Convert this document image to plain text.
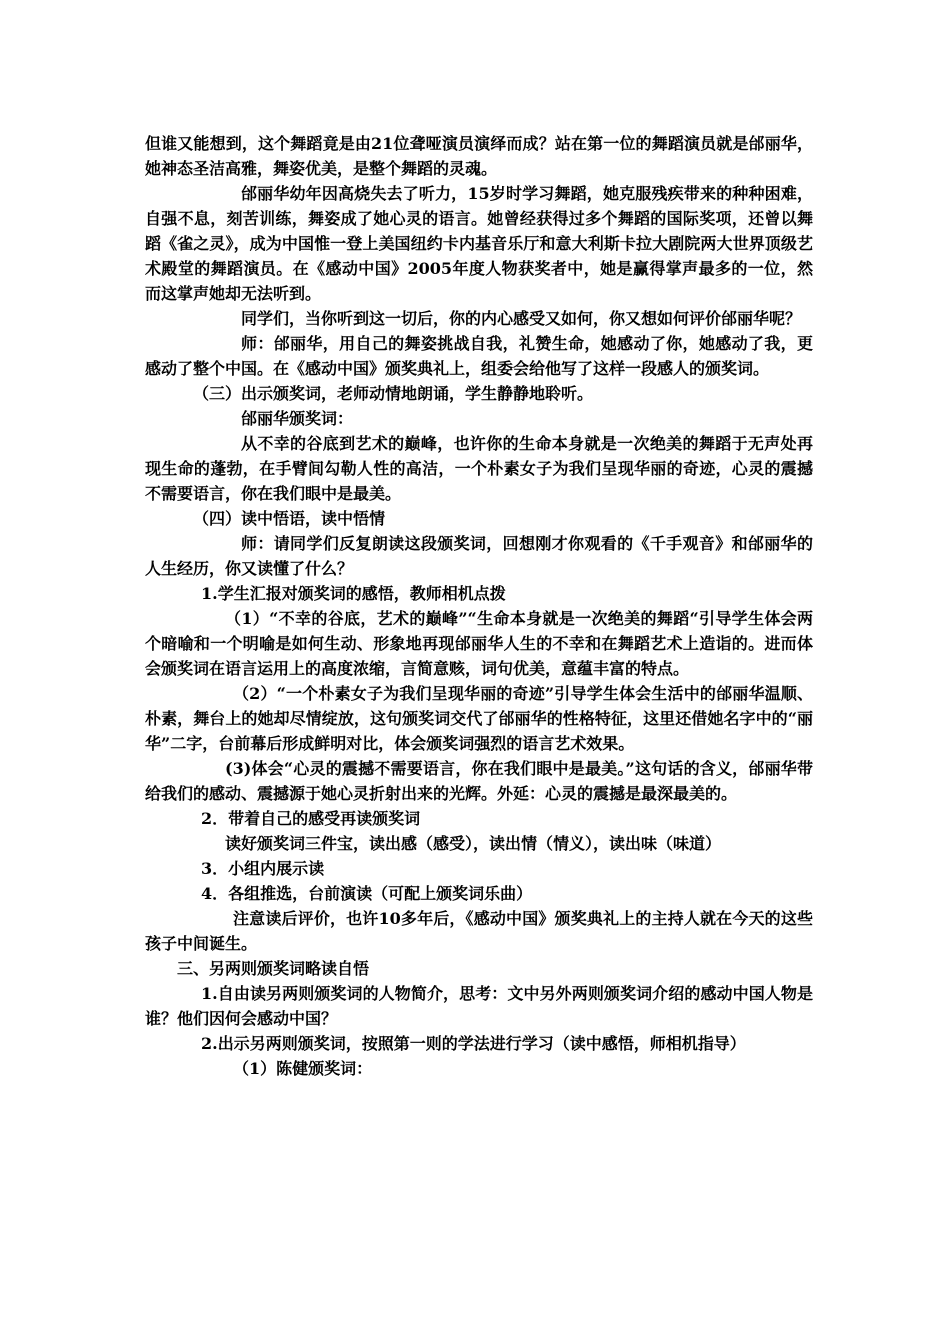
但谁又能想到，这个舞蹈竟是由21位聋哑演员演绎而成？站在第一位的舞蹈演员就是邰丽华，她神态圣洁高雅，舞姿优美，是整个舞蹈的灵魂。

邰丽华幼年因高烧失去了听力，15岁时学习舞蹈，她克服残疾带来的种种困难，自强不息，刻苦训练，舞姿成了她心灵的语言。她曾经获得过多个舞蹈的国际奖项，还曾以舞蹈《雀之灵》，成为中国惟一登上美国纽约卡内基音乐厅和意大利斯卡拉大剧院两大世界顶级艺术殿堂的舞蹈演员。在《感动中国》2005年度人物获奖者中，她是赢得掌声最多的一位，然而这掌声她却无法听到。

同学们，当你听到这一切后，你的内心感受又如何，你又想如何评价邰丽华呢？

师：邰丽华，用自己的舞姿挑战自我，礼赞生命，她感动了你，她感动了我，更感动了整个中国。在《感动中国》颁奖典礼上，组委会给他写了这样一段感人的颁奖词。

（三）出示颁奖词，老师动情地朗诵，学生静静地聆听。

邰丽华颁奖词：

从不幸的谷底到艺术的巅峰，也许你的生命本身就是一次绝美的舞蹈于无声处再现生命的蓬勃，在手臂间勾勒人性的高洁，一个朴素女子为我们呈现华丽的奇迹，心灵的震撼不需要语言，你在我们眼中是最美。

（四）读中悟语，读中悟情

师：请同学们反复朗读这段颁奖词，回想刚才你观看的《千手观音》和邰丽华的人生经历，你又读懂了什么？

1.学生汇报对颁奖词的感悟，教师相机点拨

（1）“不幸的谷底，艺术的巅峰”“生命本身就是一次绝美的舞蹈“引导学生体会两个暗喻和一个明喻是如何生动、形象地再现邰丽华人生的不幸和在舞蹈艺术上造诣的。进而体会颁奖词在语言运用上的高度浓缩，言简意赅，词句优美，意蕴丰富的特点。

（2）“一个朴素女子为我们呈现华丽的奇迹”引导学生体会生活中的邰丽华温顺、朴素，舞台上的她却尽情绽放，这句颁奖词交代了邰丽华的性格特征，这里还借她名字中的“丽华”二字，台前幕后形成鲜明对比，体会颁奖词强烈的语言艺术效果。

(3)体会“心灵的震撼不需要语言，你在我们眼中是最美。”这句话的含义，邰丽华带给我们的感动、震撼源于她心灵折射出来的光辉。外延：心灵的震撼是最深最美的。

2．带着自己的感受再读颁奖词

读好颁奖词三件宝，读出感（感受），读出情（情义），读出味（味道）

3．小组内展示读

4．各组推选，台前演读（可配上颁奖词乐曲）

注意读后评价，也许10多年后，《感动中国》颁奖典礼上的主持人就在今天的这些孩子中间诞生。

三、另两则颁奖词略读自悟

1.自由读另两则颁奖词的人物简介，思考：文中另外两则颁奖词介绍的感动中国人物是谁？他们因何会感动中国？

2.出示另两则颁奖词，按照第一则的学法进行学习（读中感悟，师相机指导）

（1）陈健颁奖词：
